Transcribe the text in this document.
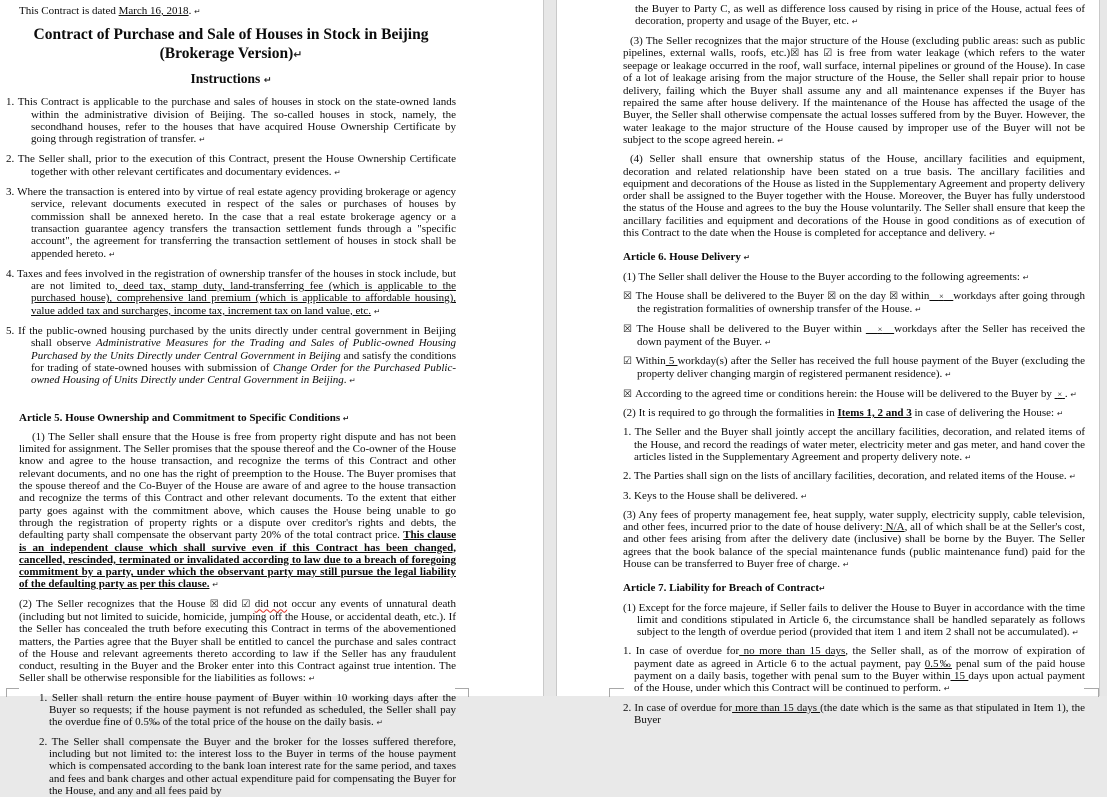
This Contract is dated March 16, 2018. ↵
Contract of Purchase and Sale of Houses in Stock in Beijing (Brokerage Version)↵
Instructions ↵
1. This Contract is applicable to the purchase and sales of houses in stock on the state-owned lands within the administrative division of Beijing. The so-called houses in stock, namely, the secondhand houses, refer to the houses that have acquired House Ownership Certificate by going through registration of transfer. ↵
2. The Seller shall, prior to the execution of this Contract, present the House Ownership Certificate together with other relevant certificates and documentary evidences. ↵
3. Where the transaction is entered into by virtue of real estate agency providing brokerage or agency service, relevant documents executed in respect of the sales or purchases of houses by commission shall be annexed hereto. In the case that a real estate brokerage agency or a transaction guarantee agency transfers the transaction settlement funds through a "specific account", the agreement for transferring the transaction settlement of houses in stock shall be appended hereto. ↵
4. Taxes and fees involved in the registration of ownership transfer of the houses in stock include, but are not limited to, deed tax, stamp duty, land-transferring fee (which is applicable to the purchased house), comprehensive land premium (which is applicable to affordable housing), value added tax and surcharges, income tax, increment tax on land value, etc. ↵
5. If the public-owned housing purchased by the units directly under central government in Beijing shall observe Administrative Measures for the Trading and Sales of Public-owned Housing Purchased by the Units Directly under Central Government in Beijing and satisfy the conditions for trading of state-owned houses with submission of Change Order for the Purchased Public-owned Housing of Units Directly under Central Government in Beijing. ↵
Article 5. House Ownership and Commitment to Specific Conditions ↵
(1) The Seller shall ensure that the House is free from property right dispute and has not been limited for assignment. The Seller promises that the spouse thereof and the Co-owner of the House know and agree to the house transaction, and recognize the terms of this Contract and other relevant documents, and no one has the right of preemption to the House. The Buyer promises that the spouse thereof and the Co-Buyer of the House are aware of and agree to the house transaction and recognize the terms of this Contract and other relevant documents. To the extent that either party goes against with the commitment above, which causes the House being unable to go through the registration of property rights or a dispute over creditor's rights and debts, the defaulting party shall compensate the observant party 20% of the total contract price. This clause is an independent clause which shall survive even if this Contract has been changed, cancelled, rescinded, terminated or invalidated according to law due to a breach of foregoing commitment by a party, under which the observant party may still pursue the legal liability of the defaulting party as per this clause. ↵
(2) The Seller recognizes that the House ☒ did ☑ did not occur any events of unnatural death (including but not limited to suicide, homicide, jumping off the House, or accidental death, etc.). If the Seller has concealed the truth before executing this Contract in terms of the abovementioned matters, the Parties agree that the Buyer shall be entitled to cancel the purchase and sales contract of the House and relevant agreements thereto according to law if the Seller has any fraudulent conduct, resulting in the Buyer and the Broker enter into this Contract against true intention. The Seller shall be otherwise responsible for the liabilities as follows: ↵
1. Seller shall return the entire house payment of Buyer within 10 working days after the Buyer so requests; if the house payment is not refunded as scheduled, the Seller shall pay the overdue fine of 0.5‰ of the total price of the house on the daily basis. ↵
2. The Seller shall compensate the Buyer and the broker for the losses suffered therefore, including but not limited to: the interest loss to the Buyer in terms of the house payment which is compensated according to the bank loan interest rate for the same period, and taxes and fees and bank charges and other actual expenditure paid for compensating the Buyer for the House, and any and all fees paid by
the Buyer to Party C, as well as difference loss caused by rising in price of the House, actual fees of decoration, property and usage of the Buyer, etc. ↵
(3) The Seller recognizes that the major structure of the House (excluding public areas: such as public pipelines, external walls, roofs, etc.)☒ has ☑ is free from water leakage (which refers to the water seepage or leakage occurred in the roof, wall surface, internal pipelines or ground of the House). In case of a lot of leakage arising from the major structure of the House, the Seller shall repair prior to house delivery, failing which the Buyer shall assume any and all maintenance expenses if the Buyer has repaired the same after house delivery. If the maintenance of the House has affected the usage of the Buyer, the Seller shall otherwise compensate the actual losses suffered from by the Buyer. However, the water leakage to the major structure of the House caused by improper use of the Buyer will not be subject to the scope agreed herein. ↵
(4) Seller shall ensure that ownership status of the House, ancillary facilities and equipment, decoration and related relationship have been stated on a true basis. The ancillary facilities and equipment and decorations of the House as listed in the Supplementary Agreement and property delivery order shall be assigned to the Buyer together with the House. Moreover, the Buyer has fully understood the status of the House and agrees to the buy the House voluntarily. The Seller shall ensure that keep the ancillary facilities and equipment and decorations of the House in good conditions as of execution of this Contract to the date when the House is completed for acceptance and delivery. ↵
Article 6. House Delivery ↵
(1) The Seller shall deliver the House to the Buyer according to the following agreements: ↵
☒ The House shall be delivered to the Buyer ☒ on the day ☒ within × workdays after going through the registration formalities of ownership transfer of the House. ↵
☒ The House shall be delivered to the Buyer within    × workdays after the Seller has received the down payment of the Buyer. ↵
☑ Within 5 workday(s) after the Seller has received the full house payment of the Buyer (excluding the property deliver changing margin of registered permanent residence). ↵
☒ According to the agreed time or conditions herein: the House will be delivered to the Buyer by  × . ↵
(2) It is required to go through the formalities in Items 1, 2 and 3 in case of delivering the House: ↵
1. The Seller and the Buyer shall jointly accept the ancillary facilities, decoration, and related items of the House, and record the readings of water meter, electricity meter and gas meter, and hand cover the articles listed in the Supplementary Agreement and property delivery note. ↵
2. The Parties shall sign on the lists of ancillary facilities, decoration, and related items of the House. ↵
3. Keys to the House shall be delivered. ↵
(3) Any fees of property management fee, heat supply, water supply, electricity supply, cable television, and other fees, incurred prior to the date of house delivery: N/A, all of which shall be at the Seller's cost, and other fees arising from after the delivery date (inclusive) shall be borne by the Buyer. The Seller agrees that the book balance of the special maintenance funds (public maintenance fund) paid for the House can be transferred to Buyer free of charge. ↵
Article 7. Liability for Breach of Contract↵
(1) Except for the force majeure, if Seller fails to deliver the House to Buyer in accordance with the time limit and conditions stipulated in Article 6, the circumstance shall be handled separately as follows subject to the length of overdue period (provided that item 1 and item 2 shall not be accumulated). ↵
1. In case of overdue for no more than 15 days, the Seller shall, as of the morrow of expiration of payment date as agreed in Article 6 to the actual payment, pay 0.5‰ penal sum of the paid house payment on a daily basis, together with penal sum to the Buyer within 15 days upon actual payment of the House, under which this Contract will be continued to perform. ↵
2. In case of overdue for more than 15 days (the date which is the same as that stipulated in Item 1), the Buyer
